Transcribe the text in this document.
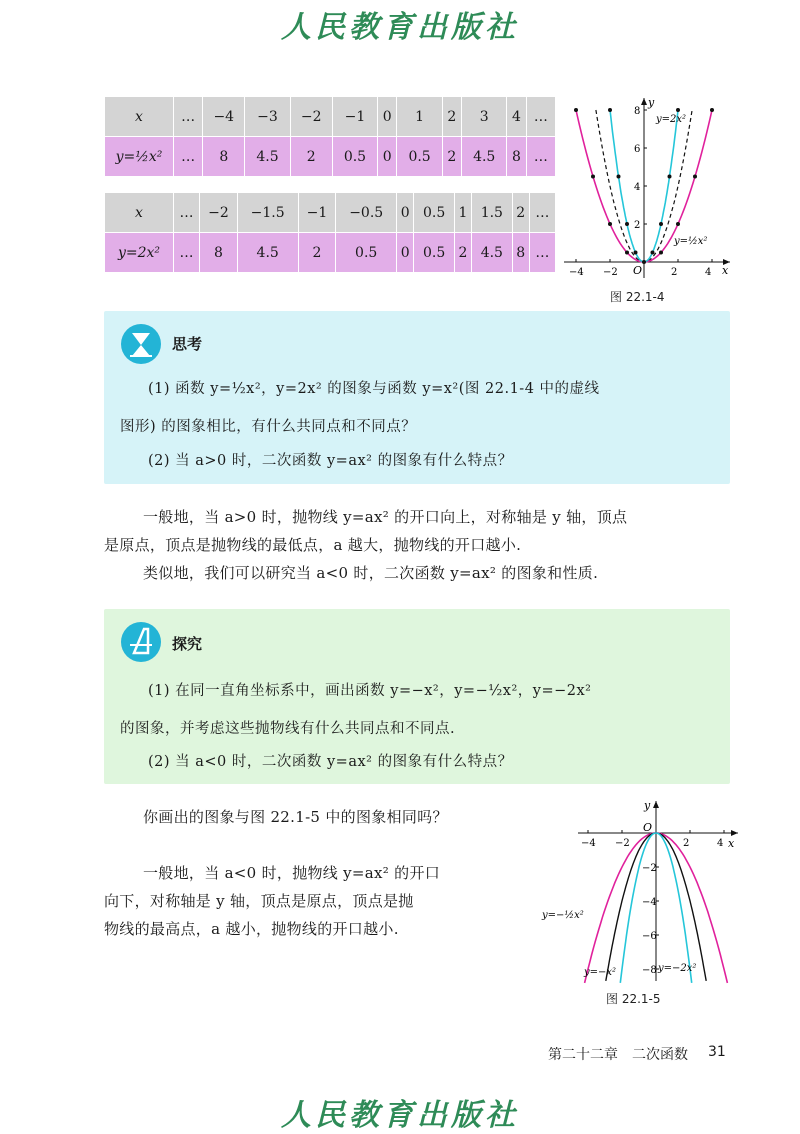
人民教育出版社
x	…	−4	−3	−2	−1	0	1	2	3	4	…
y=½x²	…	8	4.5	2	0.5	0	0.5	2	4.5	8	…
x	…	−2	−1.5	−1	−0.5	0	0.5	1	1.5	2	…
y=2x²	…	8	4.5	2	0.5	0	0.5	2	4.5	8	…
−4 −2	2	4
2
4
6
8
x
y
O
y=2x²
y=½x²
图 22.1-4
思考
(1) 函数 y=½x²，y=2x² 的图象与函数 y=x²(图 22.1-4 中的虚线
图形) 的图象相比，有什么共同点和不同点？
(2) 当 a>0 时，二次函数 y=ax² 的图象有什么特点？
一般地，当 a>0 时，抛物线 y=ax² 的开口向上，对称轴是 y 轴，顶点
是原点，顶点是抛物线的最低点，a 越大，抛物线的开口越小.
类似地，我们可以研究当 a<0 时，二次函数 y=ax² 的图象和性质.
探究
(1) 在同一直角坐标系中，画出函数 y=−x²，y=−½x²，y=−2x²
的图象，并考虑这些抛物线有什么共同点和不同点.
(2) 当 a<0 时，二次函数 y=ax² 的图象有什么特点？
你画出的图象与图 22.1-5 中的图象相同吗？
一般地，当 a<0 时，抛物线 y=ax² 的开口
向下，对称轴是 y 轴，顶点是原点，顶点是抛
物线的最高点，a 越小，抛物线的开口越小.
−4 −2	2	4
−2
−4
−6
−8
x
y
O
y=−½x²
y=−x²	y=−2x²
图 22.1-5
第二十二章　二次函数 31
人民教育出版社
